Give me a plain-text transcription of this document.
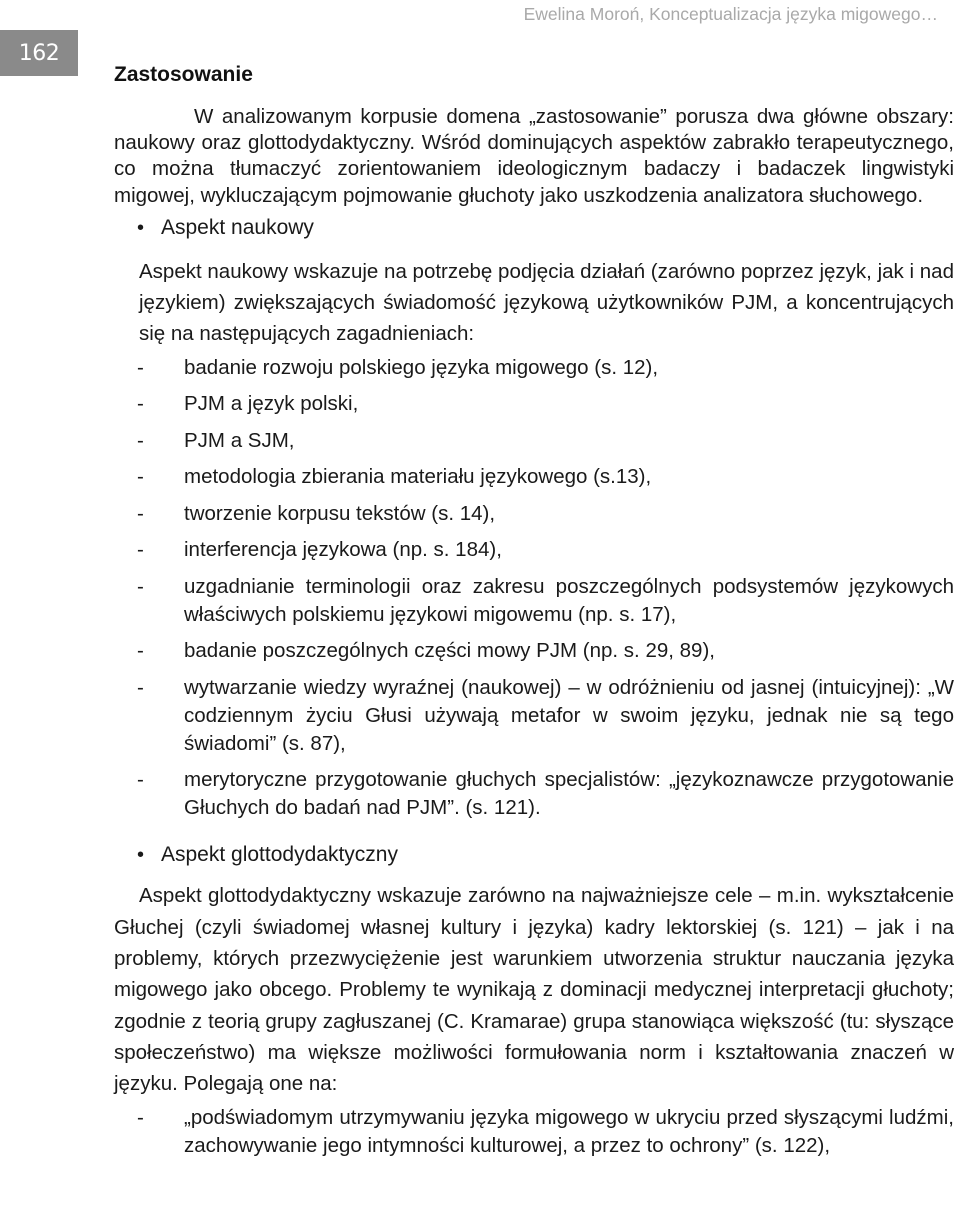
Ewelina Moroń, Konceptualizacja języka migowego…
162
Zastosowanie

W analizowanym korpusie domena „zastosowanie” porusza dwa główne obszary: naukowy oraz glottodydaktyczny. Wśród dominujących aspektów zabrakło terapeutycznego, co można tłumaczyć zorientowaniem ideologicznym badaczy i badaczek lingwistyki migowej, wykluczającym pojmowanie głuchoty jako uszkodzenia analizatora słuchowego.

• Aspekt naukowy

Aspekt naukowy wskazuje na potrzebę podjęcia działań (zarówno poprzez język, jak i nad językiem) zwiększających świadomość językową użytkowników PJM, a koncentrujących się na następujących zagadnieniach:

- badanie rozwoju polskiego języka migowego (s. 12),
- PJM a język polski,
- PJM a SJM,
- metodologia zbierania materiału językowego (s.13),
- tworzenie korpusu tekstów (s. 14),
- interferencja językowa (np. s. 184),
- uzgadnianie terminologii oraz zakresu poszczególnych podsystemów językowych właściwych polskiemu językowi migowemu (np. s. 17),
- badanie poszczególnych części mowy PJM (np. s. 29, 89),
- wytwarzanie wiedzy wyraźnej (naukowej) ‒ w odróżnieniu od jasnej (intuicyjnej): „W codziennym życiu Głusi używają metafor w swoim języku, jednak nie są tego świadomi” (s. 87),
- merytoryczne przygotowanie głuchych specjalistów: „językoznawcze przygotowanie Głuchych do badań nad PJM”. (s. 121).
• Aspekt glottodydaktyczny

Aspekt glottodydaktyczny wskazuje zarówno na najważniejsze cele ‒ m.in. wykształcenie Głuchej (czyli świadomej własnej kultury i języka) kadry lektorskiej (s. 121) ‒ jak i na problemy, których przezwyciężenie jest warunkiem utworzenia struktur nauczania języka migowego jako obcego. Problemy te wynikają z dominacji medycznej interpretacji głuchoty; zgodnie z teorią grupy zagłuszanej (C. Kramarae) grupa stanowiąca większość (tu: słyszące społeczeństwo) ma większe możliwości formułowania norm i kształtowania znaczeń w języku. Polegają one na:

- „podświadomym utrzymywaniu języka migowego w ukryciu przed słyszącymi ludźmi, zachowywanie jego intymności kulturowej, a przez to ochrony” (s. 122),
